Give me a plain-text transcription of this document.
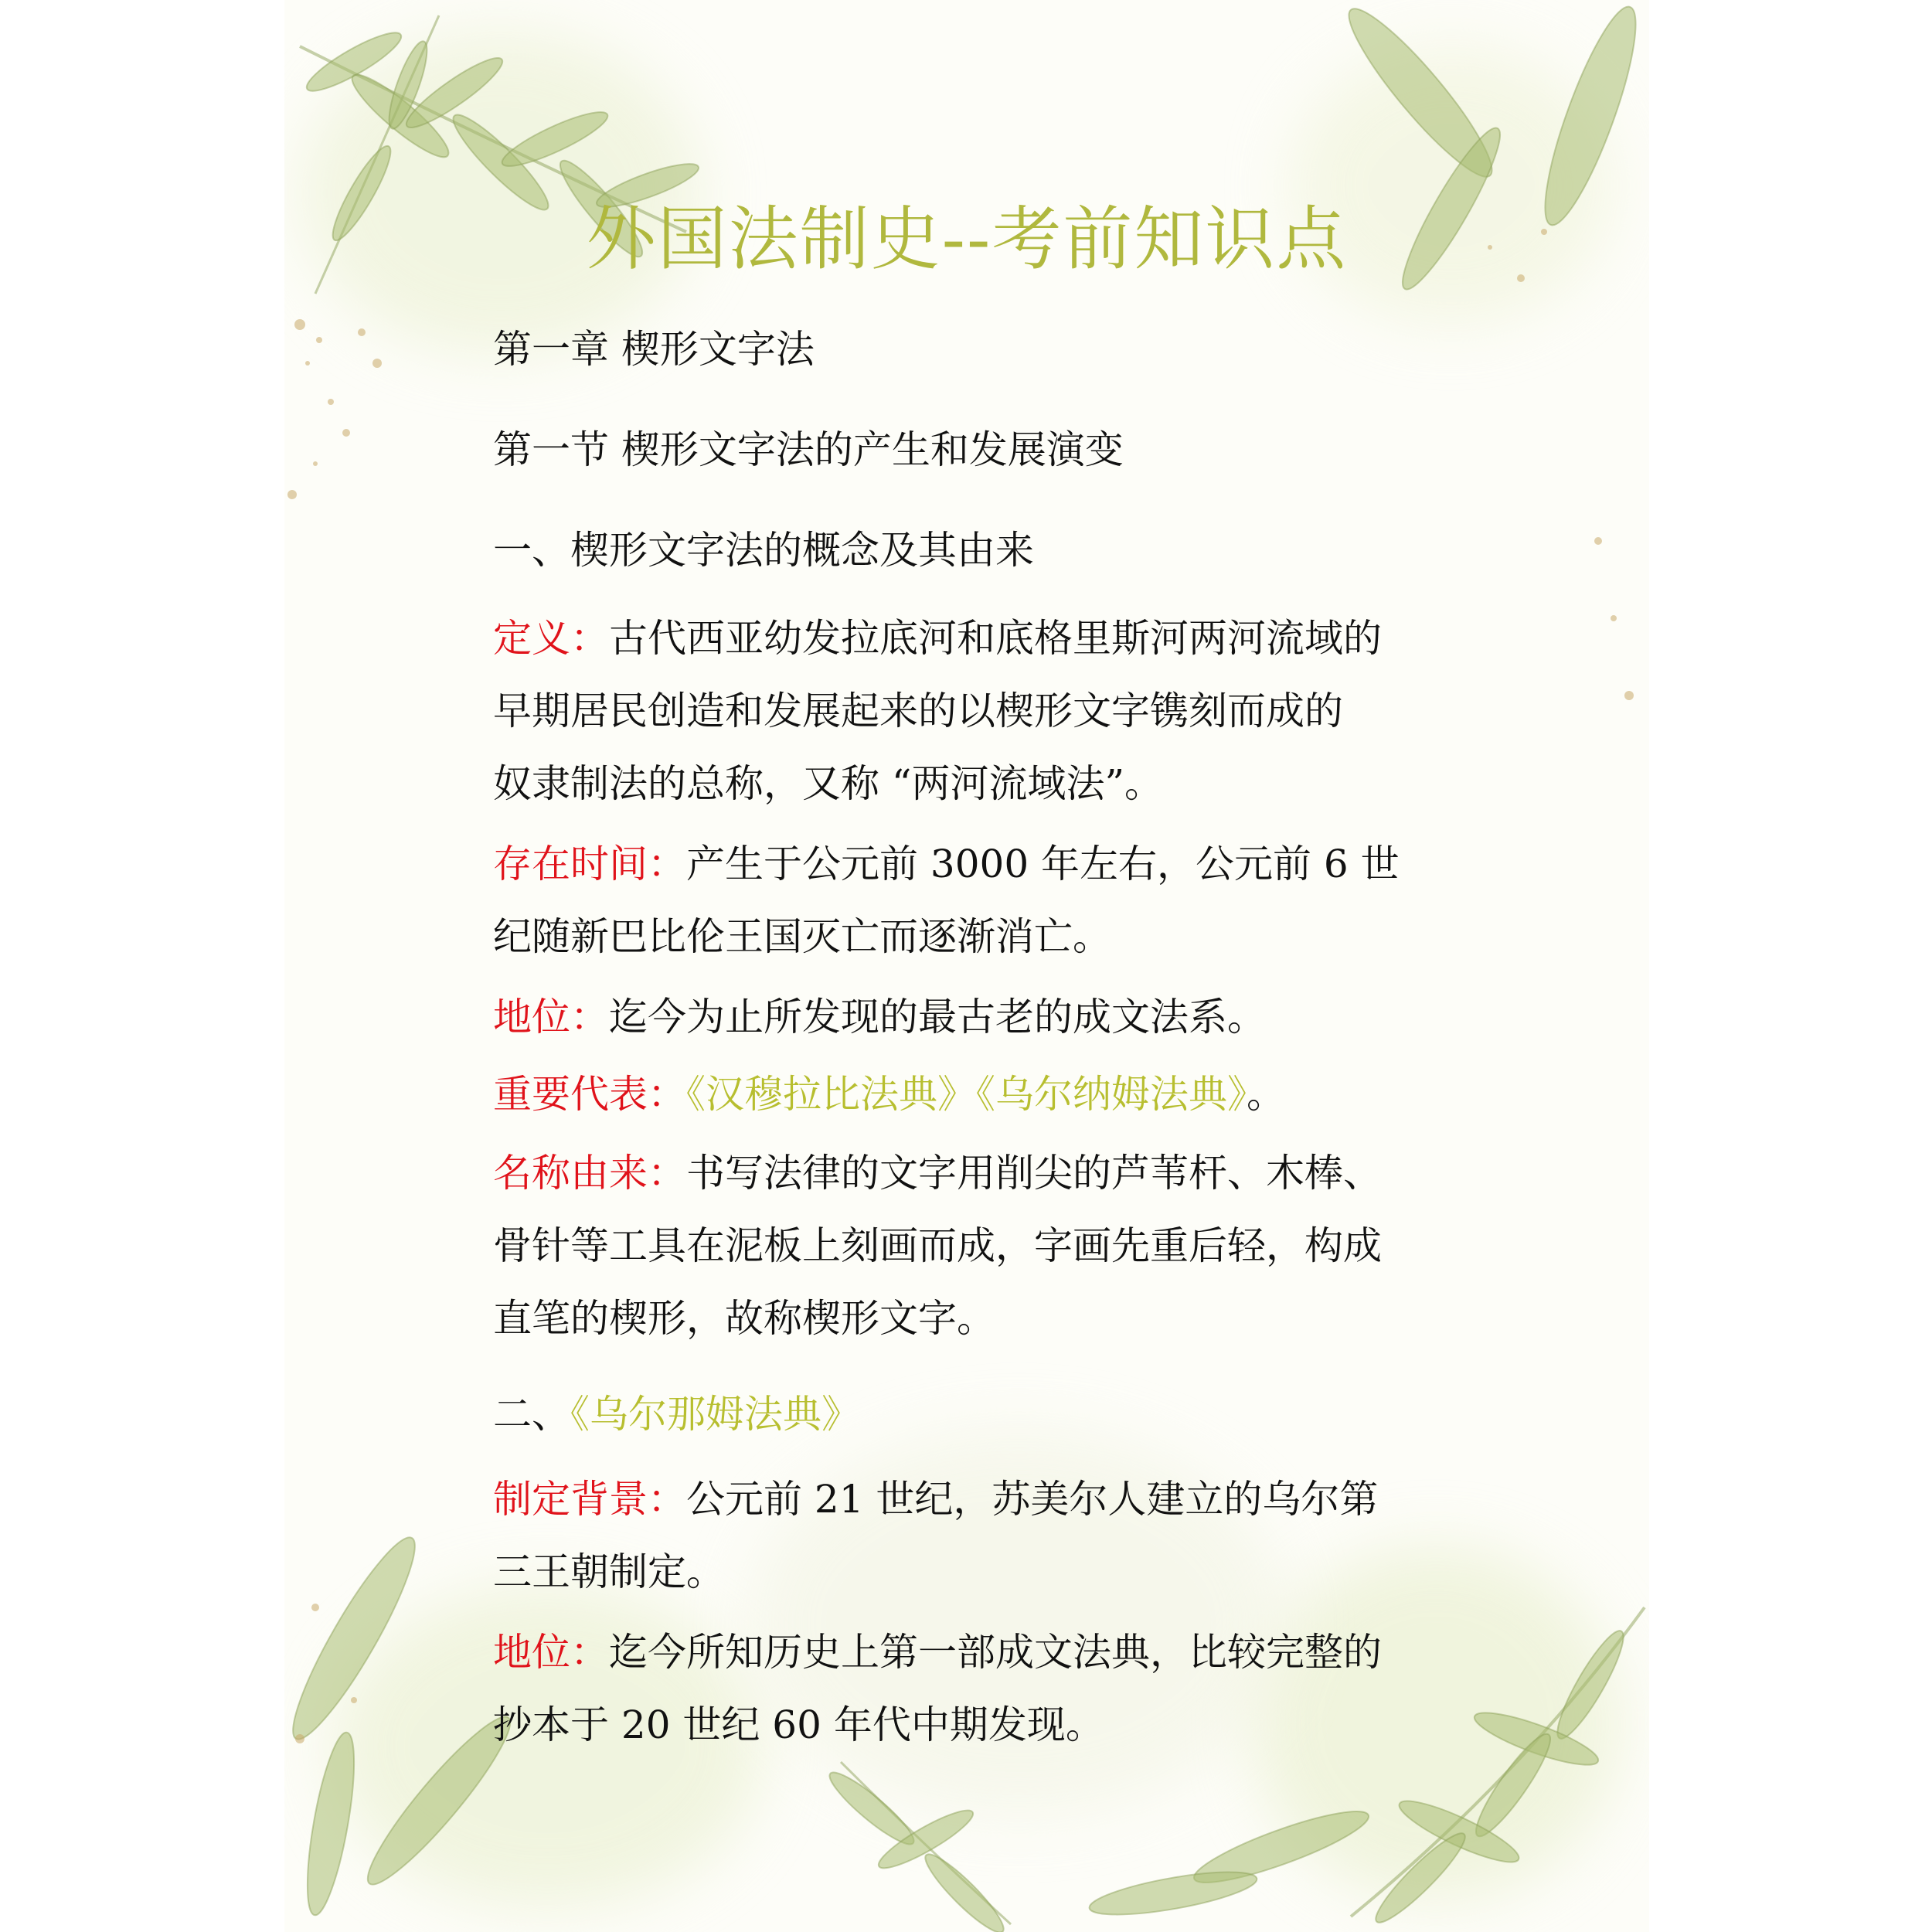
外国法制史--考前知识点
第一章 楔形文字法
第一节 楔形文字法的产生和发展演变
一、楔形文字法的概念及其由来
定义：古代西亚幼发拉底河和底格里斯河两河流域的
早期居民创造和发展起来的以楔形文字镌刻而成的
奴隶制法的总称，又称 “两河流域法”。
存在时间：产生于公元前 3000 年左右，公元前 6 世
纪随新巴比伦王国灭亡而逐渐消亡。
地位：迄今为止所发现的最古老的成文法系。
重要代表：《汉穆拉比法典》《乌尔纳姆法典》。
名称由来：书写法律的文字用削尖的芦苇杆、木棒、
骨针等工具在泥板上刻画而成，字画先重后轻，构成
直笔的楔形，故称楔形文字。
二、《乌尔那姆法典》
制定背景：公元前 21 世纪，苏美尔人建立的乌尔第
三王朝制定。
地位：迄今所知历史上第一部成文法典，比较完整的
抄本于 20 世纪 60 年代中期发现。
